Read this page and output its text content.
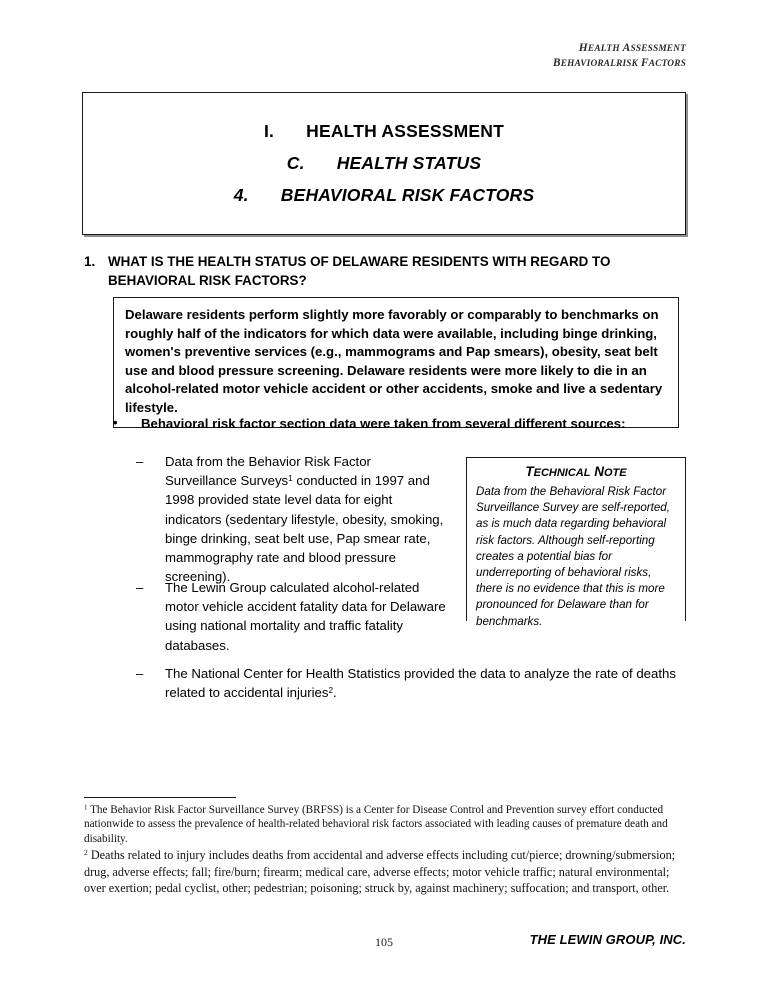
HEALTH ASSESSMENT
BEHAVIORALRISK FACTORS
I. HEALTH ASSESSMENT
C. HEALTH STATUS
4. BEHAVIORAL RISK FACTORS
1. WHAT IS THE HEALTH STATUS OF DELAWARE RESIDENTS WITH REGARD TO BEHAVIORAL RISK FACTORS?
Delaware residents perform slightly more favorably or comparably to benchmarks on roughly half of the indicators for which data were available, including binge drinking, women's preventive services (e.g., mammograms and Pap smears), obesity, seat belt use and blood pressure screening. Delaware residents were more likely to die in an alcohol-related motor vehicle accident or other accidents, smoke and live a sedentary lifestyle.
• Behavioral risk factor section data were taken from several different sources:
– Data from the Behavior Risk Factor Surveillance Surveys$^1$ conducted in 1997 and 1998 provided state level data for eight indicators (sedentary lifestyle, obesity, smoking, binge drinking, seat belt use, Pap smear rate, mammography rate and blood pressure screening).
TECHNICAL NOTE
Data from the Behavioral Risk Factor Surveillance Survey are self-reported, as is much data regarding behavioral risk factors. Although self-reporting creates a potential bias for underreporting of behavioral risks, there is no evidence that this is more pronounced for Delaware than for benchmarks.
– The Lewin Group calculated alcohol-related motor vehicle accident fatality data for Delaware using national mortality and traffic fatality databases.
– The National Center for Health Statistics provided the data to analyze the rate of deaths related to accidental injuries$^2$.
$^1$ The Behavior Risk Factor Surveillance Survey (BRFSS) is a Center for Disease Control and Prevention survey effort conducted nationwide to assess the prevalence of health-related behavioral risk factors associated with leading causes of premature death and disability.
$^2$ Deaths related to injury includes deaths from accidental and adverse effects including cut/pierce; drowning/submersion; drug, adverse effects; fall; fire/burn; firearm; medical care, adverse effects; motor vehicle traffic; natural environmental; over exertion; pedal cyclist, other; pedestrian; poisoning; struck by, against machinery; suffocation; and transport, other.
105	THE LEWIN GROUP, INC.
